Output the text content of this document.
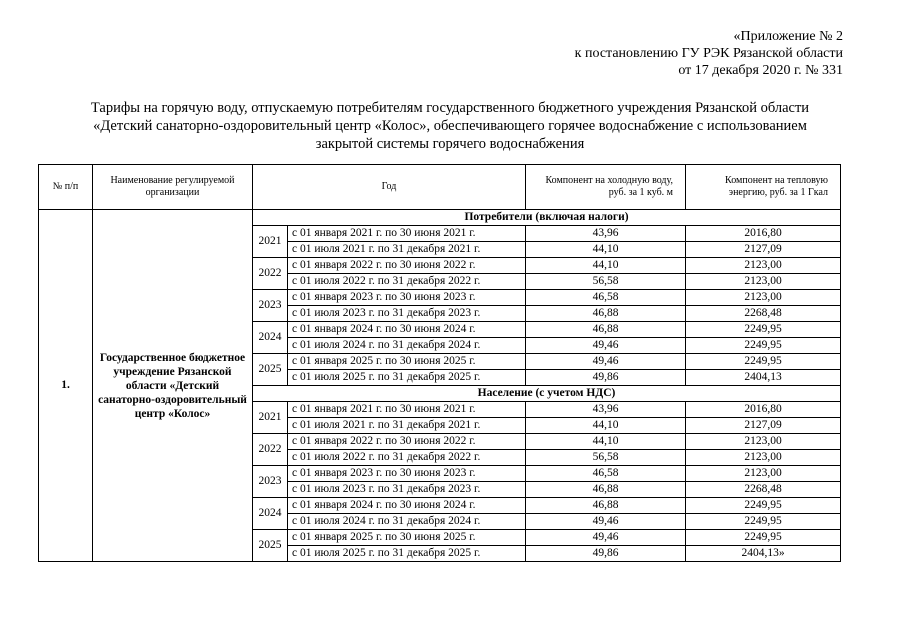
«Приложение № 2
к постановлению ГУ РЭК Рязанской области
от 17 декабря 2020 г. № 331
Тарифы на горячую воду, отпускаемую потребителям государственного бюджетного учреждения Рязанской области
«Детский санаторно-оздоровительный центр «Колос», обеспечивающего горячее водоснабжение с использованием
закрытой системы горячего водоснабжения
№ п/п	Наименование регулируемой организации	Год		Компонент на холодную воду, руб. за 1 куб. м	Компонент на тепловую энергию, руб. за 1 Гкал
1.	Государственное бюджетное учреждение Рязанской области «Детский санаторно-оздоровительный центр «Колос»	Потребители (включая налоги)			
		2021	с 01 января 2021 г. по 30 июня 2021 г.	43,96	2016,80
			с 01 июля 2021 г. по 31 декабря 2021 г.	44,10	2127,09
		2022	с 01 января 2022 г. по 30 июня 2022 г.	44,10	2123,00
			с 01 июля 2022 г. по 31 декабря 2022 г.	56,58	2123,00
		2023	с 01 января 2023 г. по 30 июня 2023 г.	46,58	2123,00
			с 01 июля 2023 г. по 31 декабря 2023 г.	46,88	2268,48
		2024	с 01 января 2024 г. по 30 июня 2024 г.	46,88	2249,95
			с 01 июля 2024 г. по 31 декабря 2024 г.	49,46	2249,95
		2025	с 01 января 2025 г. по 30 июня 2025 г.	49,46	2249,95
			с 01 июля 2025 г. по 31 декабря 2025 г.	49,86	2404,13
		Население (с учетом НДС)			
		2021	с 01 января 2021 г. по 30 июня 2021 г.	43,96	2016,80
			с 01 июля 2021 г. по 31 декабря 2021 г.	44,10	2127,09
		2022	с 01 января 2022 г. по 30 июня 2022 г.	44,10	2123,00
			с 01 июля 2022 г. по 31 декабря 2022 г.	56,58	2123,00
		2023	с 01 января 2023 г. по 30 июня 2023 г.	46,58	2123,00
			с 01 июля 2023 г. по 31 декабря 2023 г.	46,88	2268,48
		2024	с 01 января 2024 г. по 30 июня 2024 г.	46,88	2249,95
			с 01 июля 2024 г. по 31 декабря 2024 г.	49,46	2249,95
		2025	с 01 января 2025 г. по 30 июня 2025 г.	49,46	2249,95
			с 01 июля 2025 г. по 31 декабря 2025 г.	49,86	2404,13»
